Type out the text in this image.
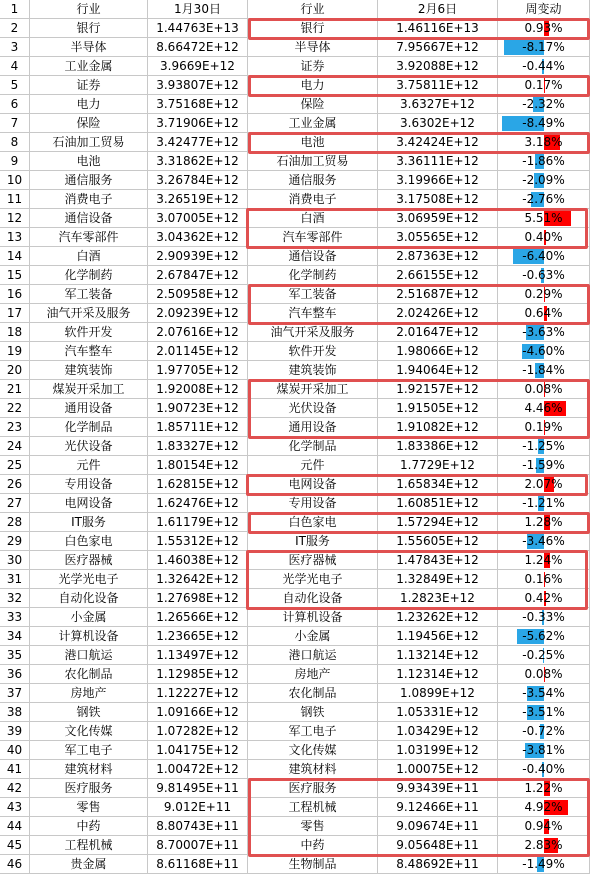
1	行业	1月30日	行业	2月6日	周变动
2	银行	1.44763E+13	银行	1.46116E+13	0.93%
3	半导体	8.66472E+12	半导体	7.95667E+12	-8.17%
4	工业金属	3.9669E+12	证券	3.92088E+12	-0.44%
5	证券	3.93807E+12	电力	3.75811E+12	0.17%
6	电力	3.75168E+12	保险	3.6327E+12	-2.32%
7	保险	3.71906E+12	工业金属	3.6302E+12	-8.49%
8	石油加工贸易	3.42477E+12	电池	3.42424E+12	3.18%
9	电池	3.31862E+12	石油加工贸易	3.36111E+12	-1.86%
10	通信服务	3.26784E+12	通信服务	3.19966E+12	-2.09%
11	消费电子	3.26519E+12	消费电子	3.17508E+12	-2.76%
12	通信设备	3.07005E+12	白酒	3.06959E+12	5.51%
13	汽车零部件	3.04362E+12	汽车零部件	3.05565E+12	0.40%
14	白酒	2.90939E+12	通信设备	2.87363E+12	-6.40%
15	化学制药	2.67847E+12	化学制药	2.66155E+12	-0.63%
16	军工装备	2.50958E+12	军工装备	2.51687E+12	0.29%
17	油气开采及服务	2.09239E+12	汽车整车	2.02426E+12	0.64%
18	软件开发	2.07616E+12	油气开采及服务	2.01647E+12	-3.63%
19	汽车整车	2.01145E+12	软件开发	1.98066E+12	-4.60%
20	建筑装饰	1.97705E+12	建筑装饰	1.94064E+12	-1.84%
21	煤炭开采加工	1.92008E+12	煤炭开采加工	1.92157E+12	0.08%
22	通用设备	1.90723E+12	光伏设备	1.91505E+12	4.46%
23	化学制品	1.85711E+12	通用设备	1.91082E+12	0.19%
24	光伏设备	1.83327E+12	化学制品	1.83386E+12	-1.25%
25	元件	1.80154E+12	元件	1.7729E+12	-1.59%
26	专用设备	1.62815E+12	电网设备	1.65834E+12	2.07%
27	电网设备	1.62476E+12	专用设备	1.60851E+12	-1.21%
28	IT服务	1.61179E+12	白色家电	1.57294E+12	1.28%
29	白色家电	1.55312E+12	IT服务	1.55605E+12	-3.46%
30	医疗器械	1.46038E+12	医疗器械	1.47843E+12	1.24%
31	光学光电子	1.32642E+12	光学光电子	1.32849E+12	0.16%
32	自动化设备	1.27698E+12	自动化设备	1.2823E+12	0.42%
33	小金属	1.26566E+12	计算机设备	1.23262E+12	-0.33%
34	计算机设备	1.23665E+12	小金属	1.19456E+12	-5.62%
35	港口航运	1.13497E+12	港口航运	1.13214E+12	-0.25%
36	农化制品	1.12985E+12	房地产	1.12314E+12	0.08%
37	房地产	1.12227E+12	农化制品	1.0899E+12	-3.54%
38	钢铁	1.09166E+12	钢铁	1.05331E+12	-3.51%
39	文化传媒	1.07282E+12	军工电子	1.03429E+12	-0.72%
40	军工电子	1.04175E+12	文化传媒	1.03199E+12	-3.81%
41	建筑材料	1.00472E+12	建筑材料	1.00075E+12	-0.40%
42	医疗服务	9.81495E+11	医疗服务	9.93439E+11	1.22%
43	零售	9.012E+11	工程机械	9.12466E+11	4.92%
44	中药	8.80743E+11	零售	9.09674E+11	0.94%
45	工程机械	8.70007E+11	中药	9.05648E+11	2.83%
46	贵金属	8.61168E+11	生物制品	8.48692E+11	-1.49%
